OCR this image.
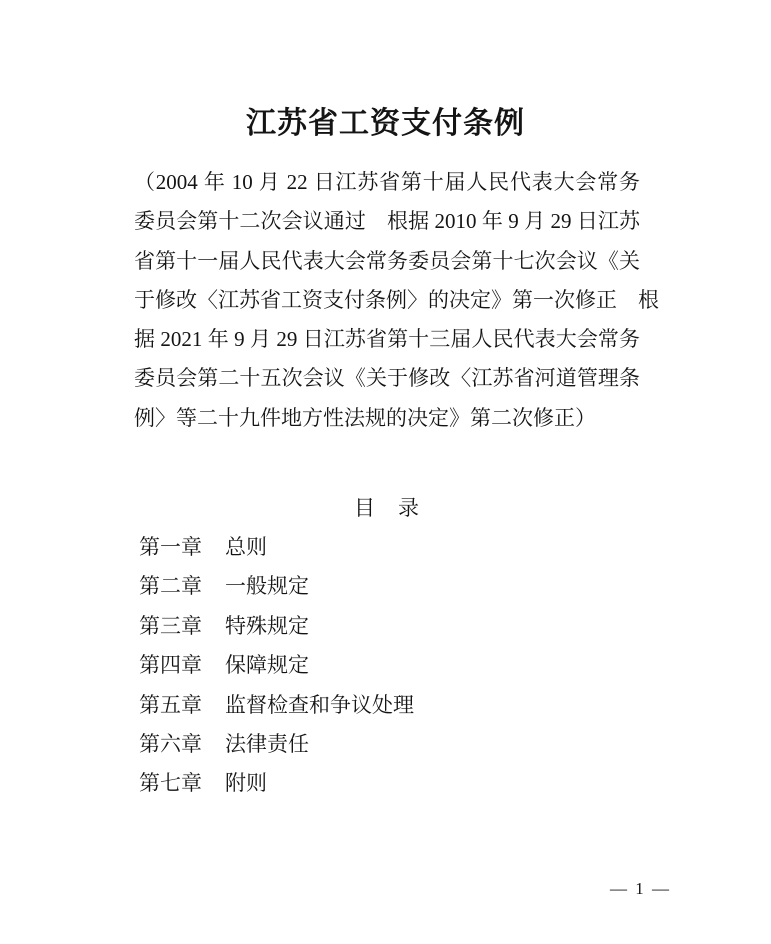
江苏省工资支付条例
（2004 年 10 月 22 日江苏省第十届人民代表大会常务
委员会第十二次会议通过　根据 2010 年 9 月 29 日江苏
省第十一届人民代表大会常务委员会第十七次会议《关
于修改〈江苏省工资支付条例〉的决定》第一次修正　根
据 2021 年 9 月 29 日江苏省第十三届人民代表大会常务
委员会第二十五次会议《关于修改〈江苏省河道管理条
例〉等二十九件地方性法规的决定》第二次修正）
目　录
第一章 总则
第二章 一般规定
第三章 特殊规定
第四章 保障规定
第五章 监督检查和争议处理
第六章 法律责任
第七章 附则
— 1 —
